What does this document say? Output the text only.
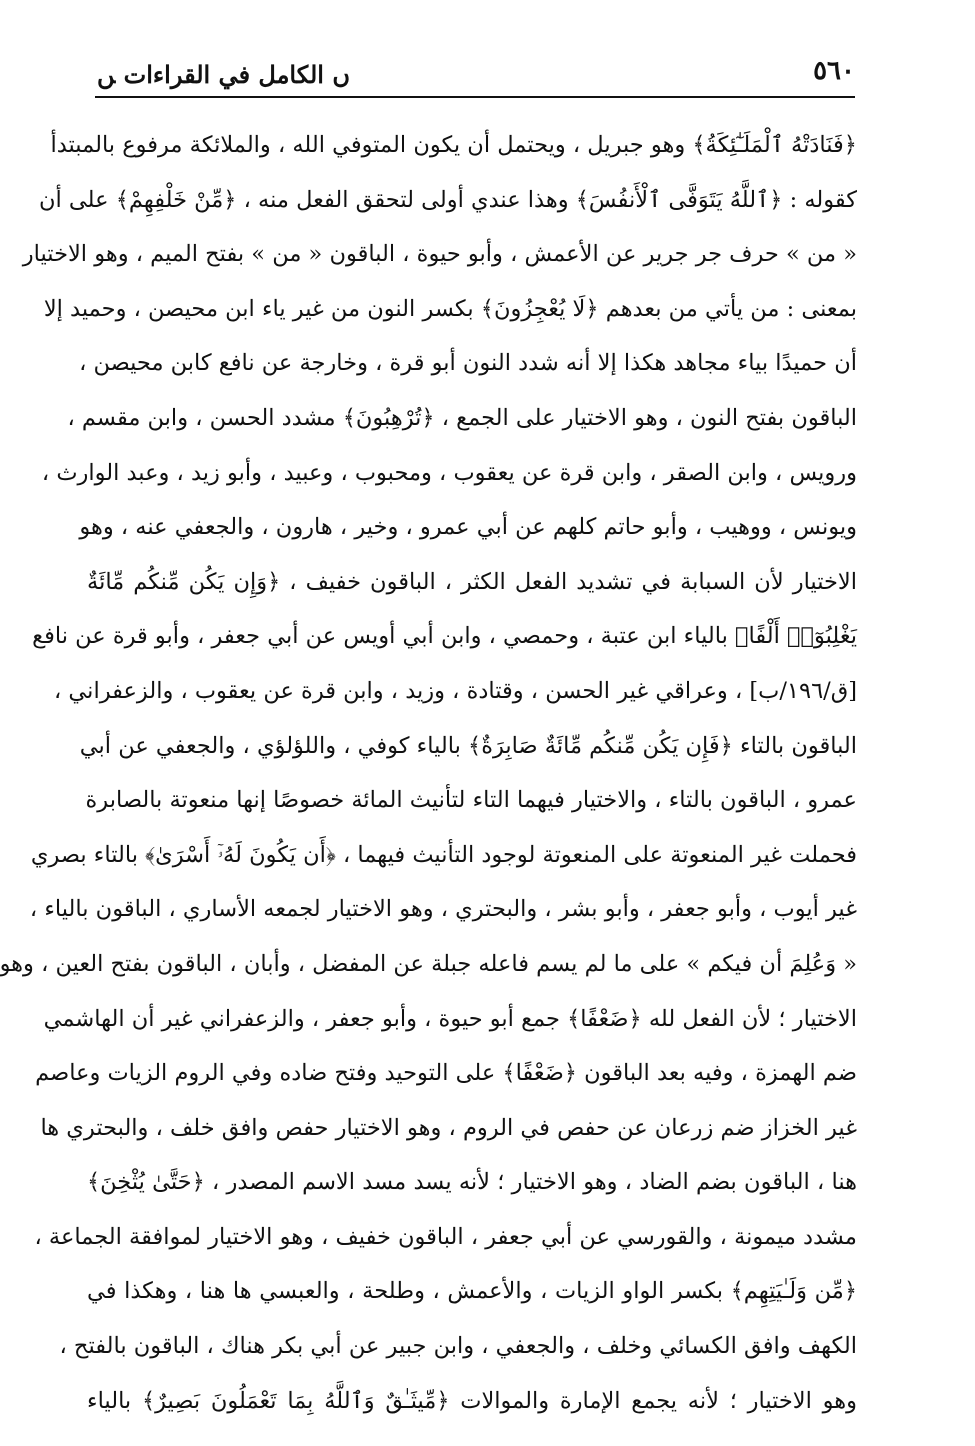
٥٦٠
ﮞ الكامل في القراءات ﮟ
﴿فَنَادَتْهُ ٱلْمَلَـٰٓئِكَةُ﴾ وهو جبريل ، ويحتمل أن يكون المتوفي الله ، والملائكة مرفوع بالمبتدأ
كقوله : ﴿ٱللَّهُ يَتَوَفَّى ٱلْأَنفُسَ﴾ وهذا عندي أولى لتحقق الفعل منه ، ﴿مِّنْ خَلْفِهِمْ﴾ على أن
« من » حرف جر جرير عن الأعمش ، وأبو حيوة ، الباقون « من » بفتح الميم ، وهو الاختيار
بمعنى : من يأتي من بعدهم ﴿لَا يُعْجِزُونَ﴾ بكسر النون من غير ياء ابن محيصن ، وحميد إلا
أن حميدًا بياء مجاهد هكذا إلا أنه شدد النون أبو قرة ، وخارجة عن نافع كابن محيصن ،
الباقون بفتح النون ، وهو الاختيار على الجمع ، ﴿تُرْهِبُونَ﴾ مشدد الحسن ، وابن مقسم ،
ورويس ، وابن الصقر ، وابن قرة عن يعقوب ، ومحبوب ، وعبيد ، وأبو زيد ، وعبد الوارث ،
ويونس ، ووهيب ، وأبو حاتم كلهم عن أبي عمرو ، وخير ، هارون ، والجعفي عنه ، وهو
الاختيار لأن السبابة في تشديد الفعل الكثر ، الباقون خفيف ، ﴿وَإِن يَكُن مِّنكُم مِّائَةٌ
يَغْلِبُوٓا۟ أَلْفًا﴾ بالياء ابن عتبة ، وحمصي ، وابن أبي أويس عن أبي جعفر ، وأبو قرة عن نافع
[ق/١٩٦/ب] ، وعراقي غير الحسن ، وقتادة ، وزيد ، وابن قرة عن يعقوب ، والزعفراني ،
الباقون بالتاء ﴿فَإِن يَكُن مِّنكُم مِّائَةٌ صَابِرَةٌ﴾ بالياء كوفي ، واللؤلؤي ، والجعفي عن أبي
عمرو ، الباقون بالتاء ، والاختيار فيهما التاء لتأنيث المائة خصوصًا إنها منعوتة بالصابرة
فحملت غير المنعوتة على المنعوتة لوجود التأنيث فيهما ، ﴿أَن يَكُونَ لَهُۥٓ أَسْرَىٰ﴾ بالتاء بصري
غير أيوب ، وأبو جعفر ، وأبو بشر ، والبحتري ، وهو الاختيار لجمعه الأساري ، الباقون بالياء ،
« وَعُلِمَ أن فيكم » على ما لم يسم فاعله جبلة عن المفضل ، وأبان ، الباقون بفتح العين ، وهو
الاختيار ؛ لأن الفعل لله ﴿ضَعْفًا﴾ جمع أبو حيوة ، وأبو جعفر ، والزعفراني غير أن الهاشمي
ضم الهمزة ، وفيه بعد الباقون ﴿ضَعْفًا﴾ على التوحيد وفتح ضاده وفي الروم الزيات وعاصم
غير الخزاز ضم زرعان عن حفص في الروم ، وهو الاختيار حفص وافق خلف ، والبحتري ها
هنا ، الباقون بضم الضاد ، وهو الاختيار ؛ لأنه يسد مسد الاسم المصدر ، ﴿حَتَّىٰ يُثْخِنَ﴾
مشدد ميمونة ، والقورسي عن أبي جعفر ، الباقون خفيف ، وهو الاختيار لموافقة الجماعة ،
﴿مِّن وَلَـٰيَتِهِم﴾ بكسر الواو الزيات ، والأعمش ، وطلحة ، والعبسي ها هنا ، وهكذا في
الكهف وافق الكسائي وخلف ، والجعفي ، وابن جبير عن أبي بكر هناك ، الباقون بالفتح ،
وهو الاختيار ؛ لأنه يجمع الإمارة والموالات ﴿مِّيثَـٰقٌ وَٱللَّهُ بِمَا تَعْمَلُونَ بَصِيرٌ﴾ بالياء
